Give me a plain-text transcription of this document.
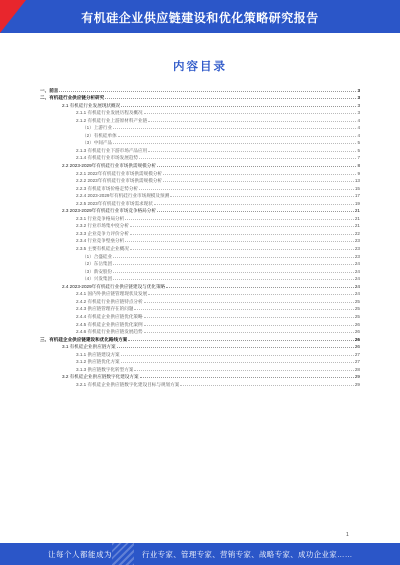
有机硅企业供应链建设和优化策略研究报告
内容目录
一、前言	3
二、有机硅行业供应链分析研究	3
2.1 有机硅行业发展现状概况	3
2.1.1 有机硅行业发展历程及概况	3
2.1.2 有机硅行业上游原材料产业链	4
（1）上游行业	4
（2）有机硅单体	4
（3）中间产品	5
2.1.3 有机硅行业下游市场产品应用	5
2.1.4 有机硅行业市场发展趋势	7
2.2 2023-2029年有机硅行业市场供需规模分析	8
2.2.1 2022年有机硅行业市场供需规模分析	9
2.2.2 2023年有机硅行业市场供需规模分析	13
2.2.3 有机硅市场价格走势分析	15
2.2.4 2023-2029年有机硅行业市场规模及预测	17
2.2.5 2023年有机硅行业市场需求现状	19
2.3 2023-2029年有机硅行业市场竞争格局分析	21
2.3.1 行业竞争格局分析	21
2.3.2 行业市场集中度分析	21
2.3.3 企业竞争力评价分析	22
2.3.4 行业竞争壁垒分析	23
2.3.5 主要有机硅企业概况	23
（1）合盛硅业	23
（2）东岳集团	24
（3）新安股份	24
（4）兴发集团	24
2.4 2023-2029年有机硅行业供应链建设与优化策略	24
2.4.1 国内外供应链管理现状及发展	24
2.4.2 有机硅行业供应链特点分析	25
2.4.3 供应链管理存在的问题	25
2.4.4 有机硅企业供应链优化策略	25
2.4.5 有机硅企业供应链优化案例	26
2.4.6 有机硅行业供应链发展趋势	26
三、有机硅企业供应链建设和优化路线方案	26
3.1 有机硅企业供应链方案	26
3.1.1 供应链建设方案	27
3.1.2 供应链优化方案	27
3.1.3 供应链数字化转型方案	28
3.2 有机硅企业供应链数字化建设方案	29
3.2.1 有机硅企业供应链数字化建设目标与规划方案	29
1
让每个人都能成为	行业专家、管理专家、营销专家、战略专家、成功企业家……
